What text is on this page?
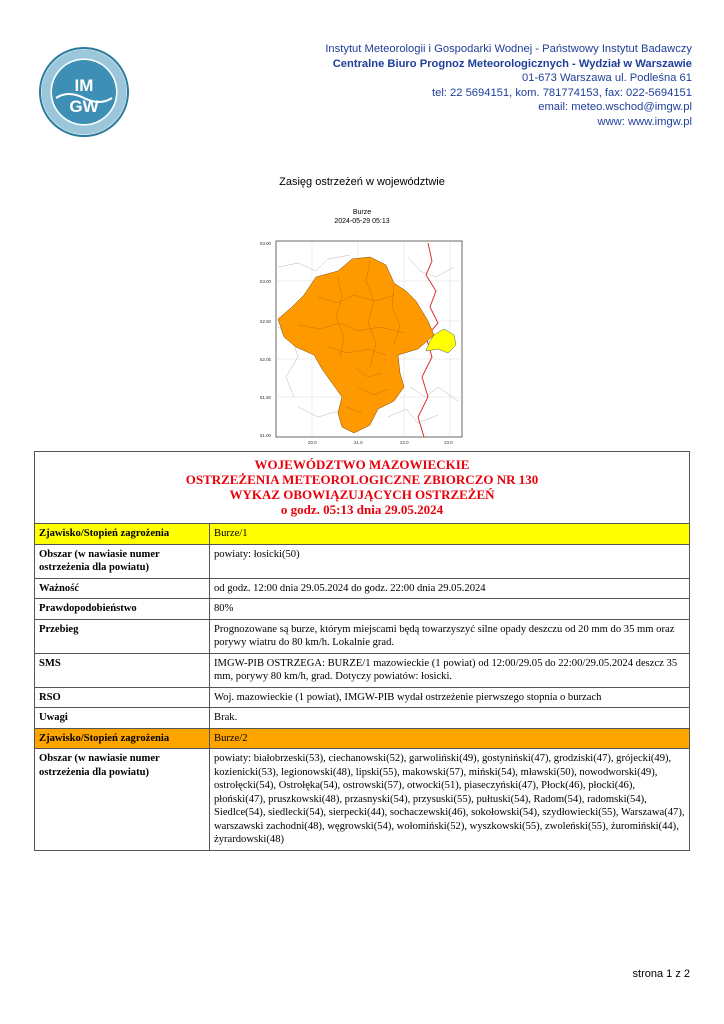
IM
GW
Instytut Meteorologii i Gospodarki Wodnej - Państwowy Instytut Badawczy
Centralne Biuro Prognoz Meteorologicznych - Wydział w Warszawie
01-673 Warszawa ul. Podleśna 61
tel: 22 5694151, kom. 781774153, fax: 022-5694151
email: meteo.wschod@imgw.pl
www: www.imgw.pl
Zasięg ostrzeżeń w województwie
Burze
2024-05-29 05:13
53.00
53.00
52.50
52.05
51.50
51.00
20.0	21.0	22.0	23.0
WOJEWÓDZTWO MAZOWIECKIE
OSTRZEŻENIA METEOROLOGICZNE ZBIORCZO NR 130
WYKAZ OBOWIĄZUJĄCYCH OSTRZEŻEŃ
o godz. 05:13 dnia 29.05.2024	

Zjawisko/Stopień zagrożenia	Burze/1
Obszar (w nawiasie numer ostrzeżenia dla powiatu)	powiaty: łosicki(50)
Ważność	od godz. 12:00 dnia 29.05.2024 do godz. 22:00 dnia 29.05.2024
Prawdopodobieństwo	80%
Przebieg	Prognozowane są burze, którym miejscami będą towarzyszyć silne opady deszczu od 20 mm do 35 mm oraz porywy wiatru do 80 km/h. Lokalnie grad.
SMS	IMGW-PIB OSTRZEGA: BURZE/1 mazowieckie (1 powiat) od 12:00/29.05 do 22:00/29.05.2024 deszcz 35 mm, porywy 80 km/h, grad. Dotyczy powiatów: łosicki.
RSO	Woj. mazowieckie (1 powiat), IMGW-PIB wydał ostrzeżenie pierwszego stopnia o burzach
Uwagi	Brak.
Zjawisko/Stopień zagrożenia	Burze/2
Obszar (w nawiasie numer ostrzeżenia dla powiatu)	powiaty: białobrzeski(53), ciechanowski(52), garwoliński(49), gostyniński(47), grodziski(47), grójecki(49), kozienicki(53), legionowski(48), lipski(55), makowski(57), miński(54), mławski(50), nowodworski(49), ostrołęcki(54), Ostrołęka(54), ostrowski(57), otwocki(51), piaseczyński(47), Płock(46), płocki(46), płoński(47), pruszkowski(48), przasnyski(54), przysuski(55), pułtuski(54), Radom(54), radomski(54), Siedlce(54), siedlecki(54), sierpecki(44), sochaczewski(46), sokołowski(54), szydłowiecki(55), Warszawa(47), warszawski zachodni(48), węgrowski(54), wołomiński(52), wyszkowski(55), zwoleński(55), żuromiński(44), żyrardowski(48)
strona 1 z 2
